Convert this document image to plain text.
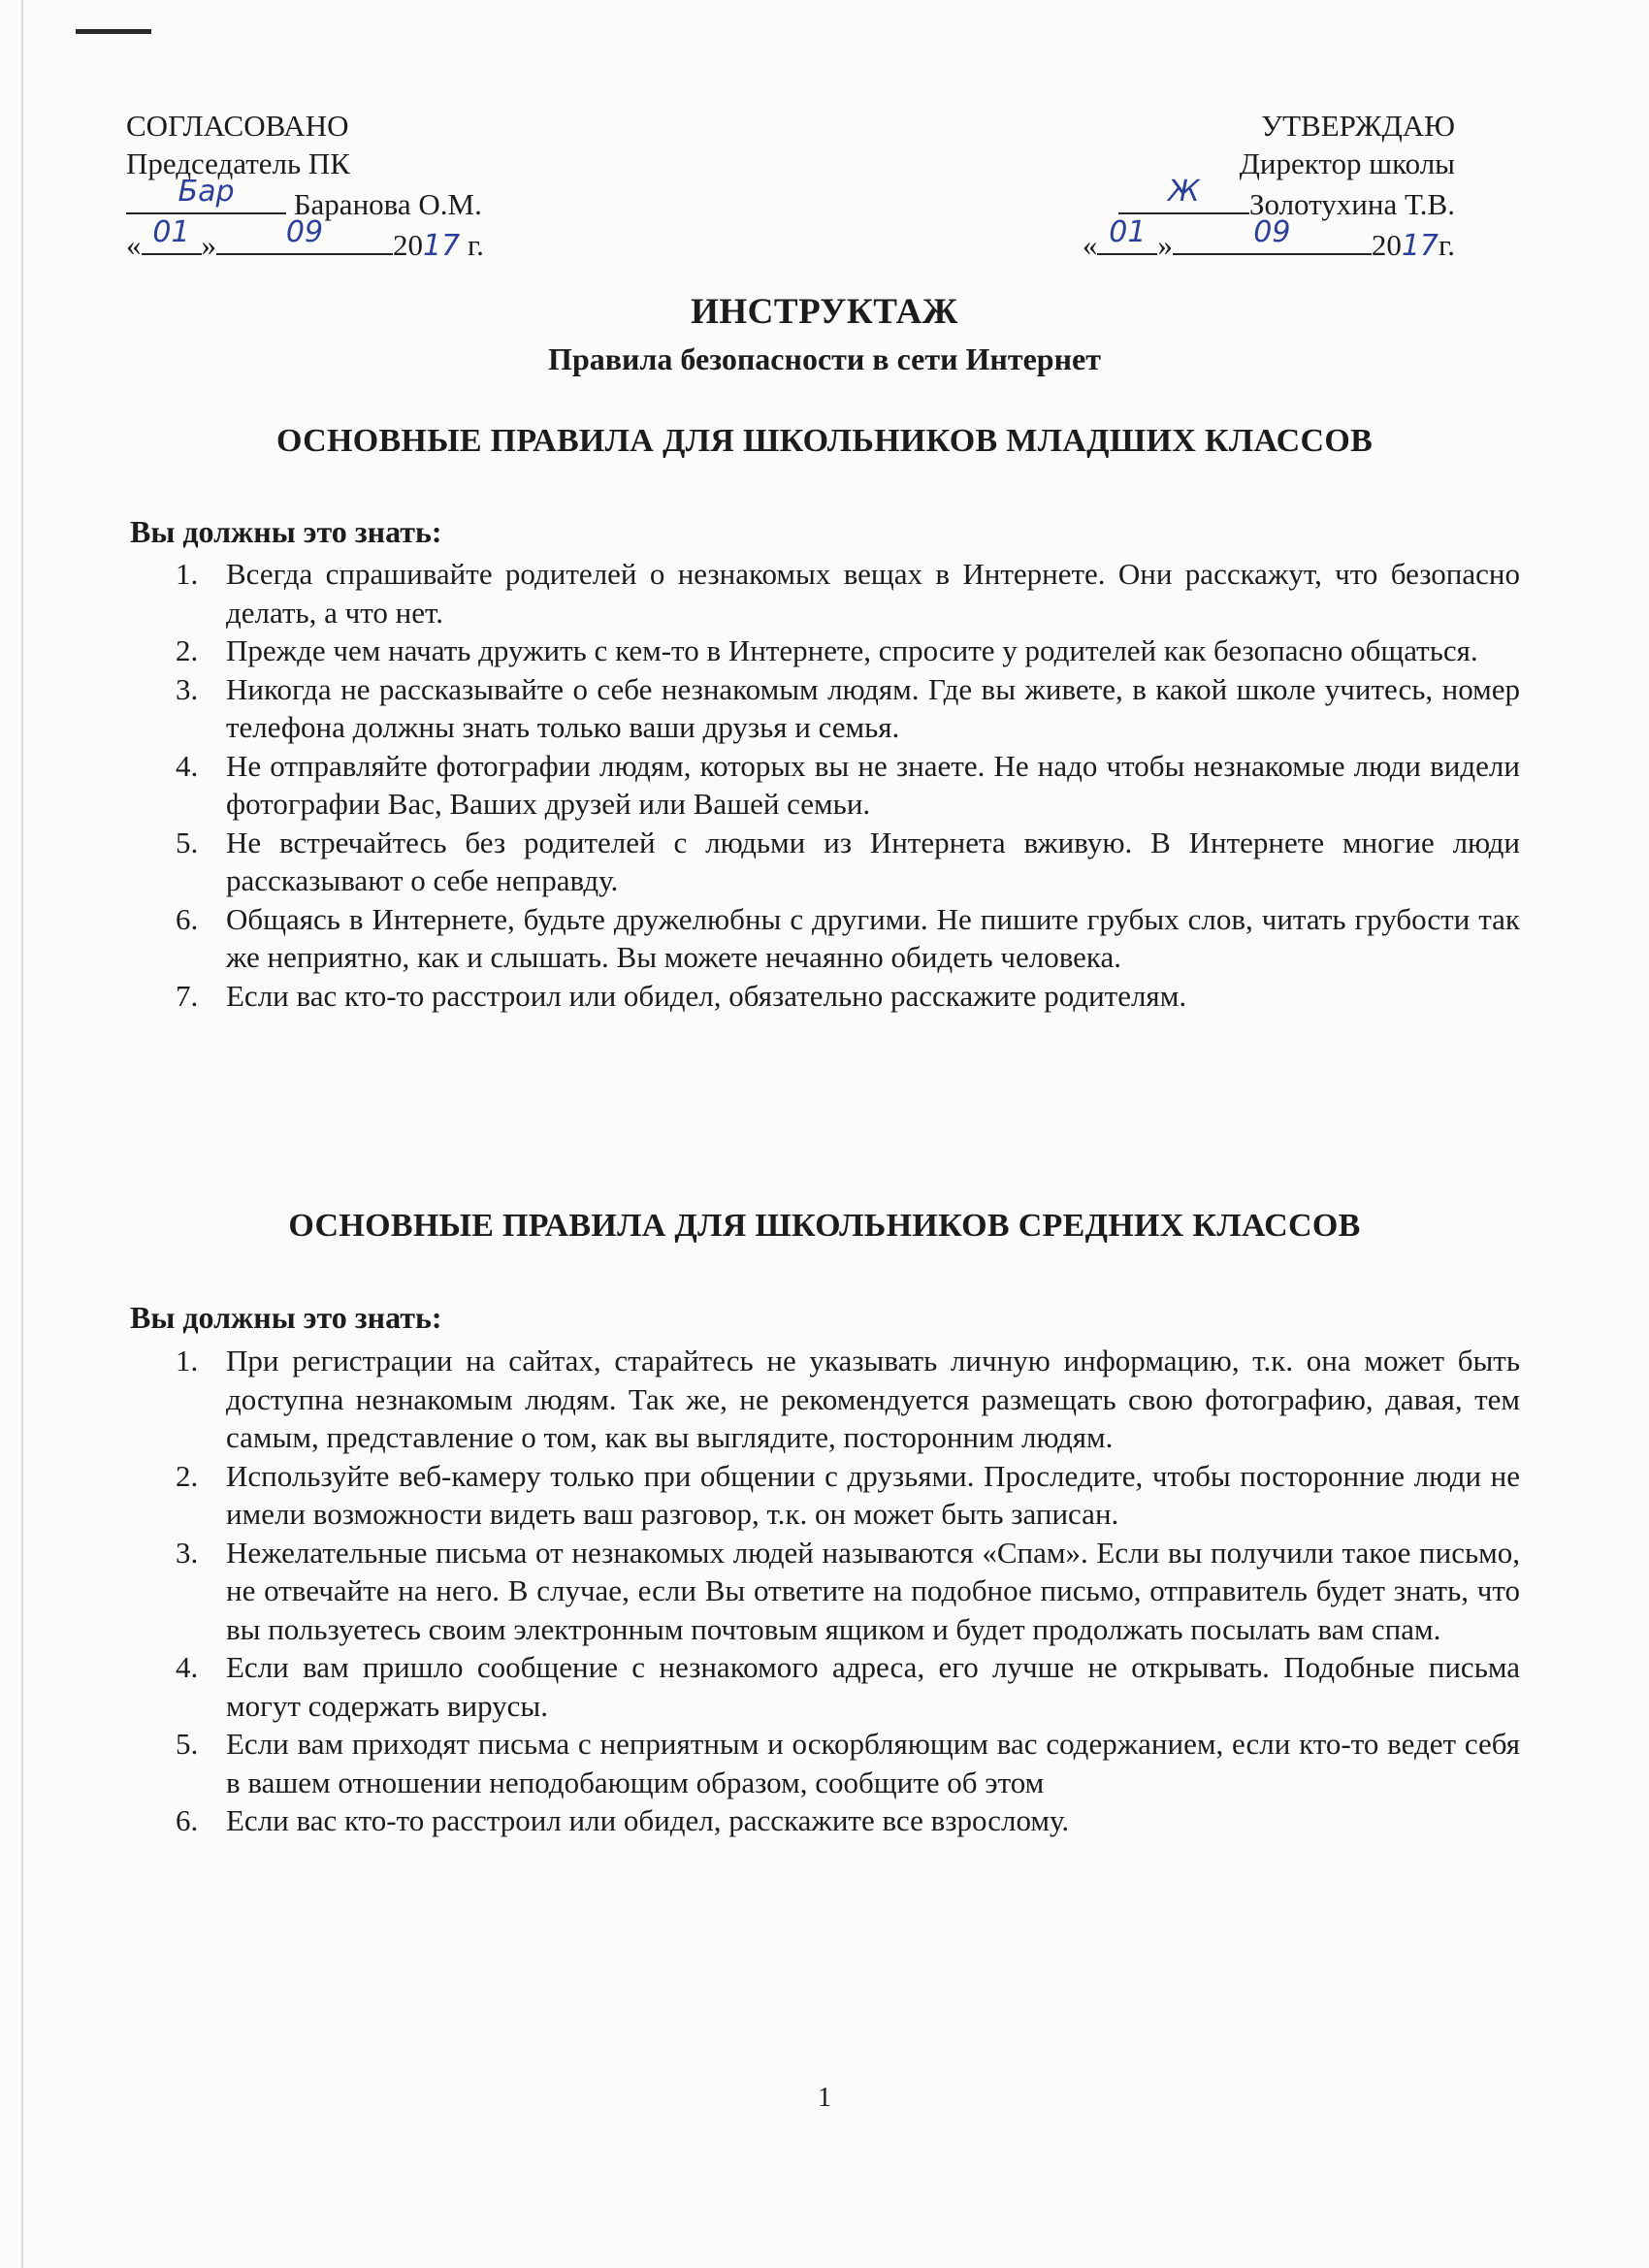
СОГЛАСОВАНО
Председатель ПК
Бар Баранова О.М.
« 01 » 09 2017 г.
УТВЕРЖДАЮ
Директор школы
Ж Золотухина Т.В.
« 01 »	09	2017г.
ИНСТРУКТАЖ
Правила безопасности в сети Интернет
ОСНОВНЫЕ ПРАВИЛА ДЛЯ ШКОЛЬНИКОВ МЛАДШИХ КЛАССОВ
Вы должны это знать:
1. Всегда спрашивайте родителей о незнакомых вещах в Интернете. Они расскажут, что безопасно делать, а что нет.
2. Прежде чем начать дружить с кем-то в Интернете, спросите у родителей как безопасно общаться.
3. Никогда не рассказывайте о себе незнакомым людям. Где вы живете, в какой школе учитесь, номер телефона должны знать только ваши друзья и семья.
4. Не отправляйте фотографии людям, которых вы не знаете. Не надо чтобы незнакомые люди видели фотографии Вас, Ваших друзей или Вашей семьи.
5. Не встречайтесь без родителей с людьми из Интернета вживую. В Интернете многие люди рассказывают о себе неправду.
6. Общаясь в Интернете, будьте дружелюбны с другими. Не пишите грубых слов, читать грубости так же неприятно, как и слышать. Вы можете нечаянно обидеть человека.
7. Если вас кто-то расстроил или обидел, обязательно расскажите родителям.
ОСНОВНЫЕ ПРАВИЛА ДЛЯ ШКОЛЬНИКОВ СРЕДНИХ КЛАССОВ
Вы должны это знать:
1. При регистрации на сайтах, старайтесь не указывать личную информацию, т.к. она может быть доступна незнакомым людям. Так же, не рекомендуется размещать свою фотографию, давая, тем самым, представление о том, как вы выглядите, посторонним людям.
2. Используйте веб-камеру только при общении с друзьями. Проследите, чтобы посторонние люди не имели возможности видеть ваш разговор, т.к. он может быть записан.
3. Нежелательные письма от незнакомых людей называются «Спам». Если вы получили такое письмо, не отвечайте на него. В случае, если Вы ответите на подобное письмо, отправитель будет знать, что вы пользуетесь своим электронным почтовым ящиком и будет продолжать посылать вам спам.
4. Если вам пришло сообщение с незнакомого адреса, его лучше не открывать. Подобные письма могут содержать вирусы.
5. Если вам приходят письма с неприятным и оскорбляющим вас содержанием, если кто-то ведет себя в вашем отношении неподобающим образом, сообщите об этом
6. Если вас кто-то расстроил или обидел, расскажите все взрослому.
1
